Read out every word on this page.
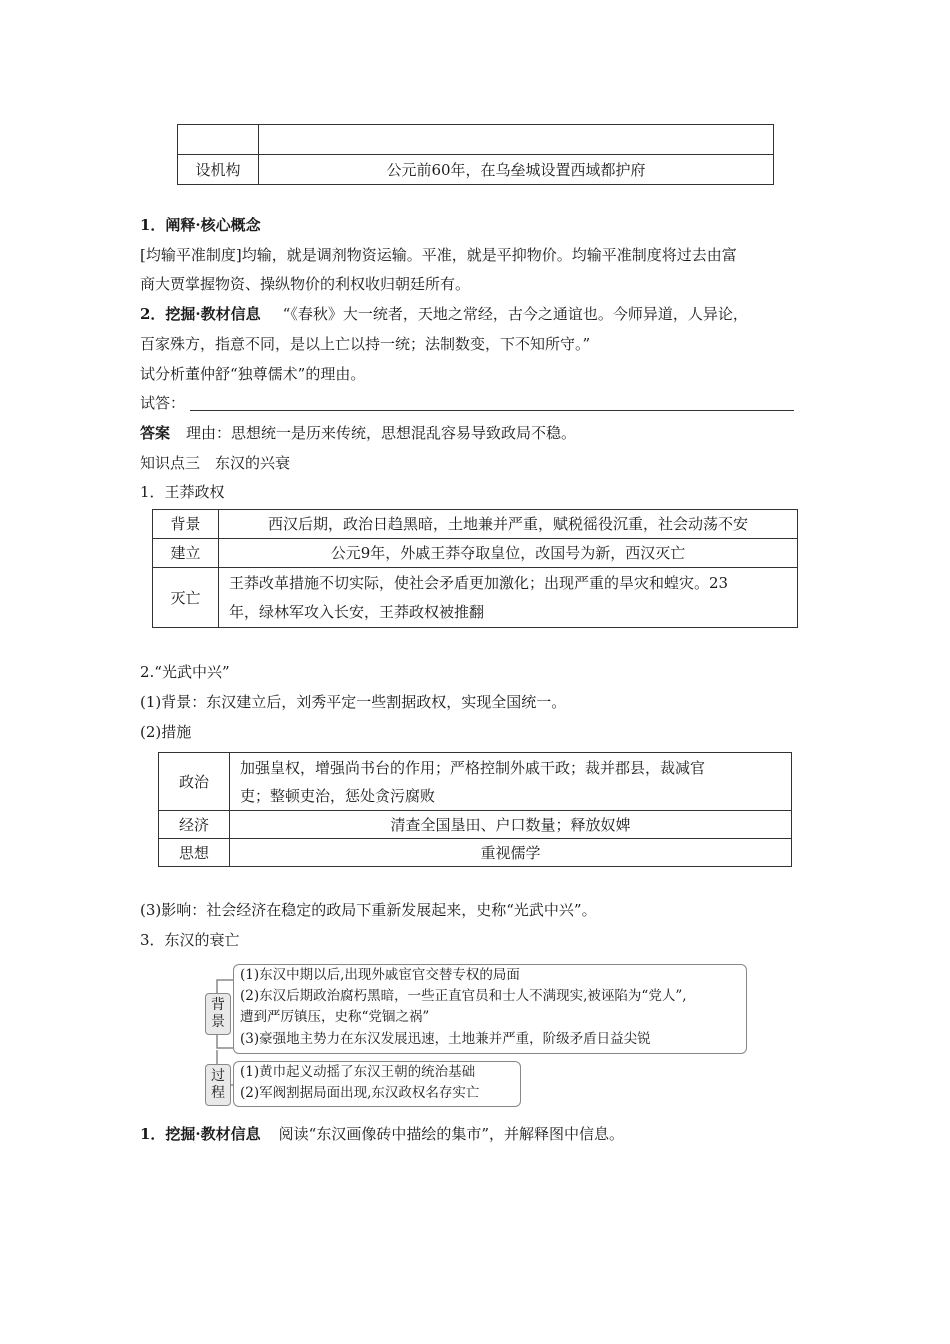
设机构	公元前60年，在乌垒城设置西域都护府
1．阐释·核心概念
[均输平准制度]均输，就是调剂物资运输。平准，就是平抑物价。均输平准制度将过去由富
商大贾掌握物资、操纵物价的利权收归朝廷所有。
2．挖掘·教材信息 “《春秋》大一统者，天地之常经，古今之通谊也。今师异道，人异论，
百家殊方，指意不同，是以上亡以持一统；法制数变，下不知所守。”
试分析董仲舒“独尊儒术”的理由。
试答：
答案 理由：思想统一是历来传统，思想混乱容易导致政局不稳。
知识点三　东汉的兴衰
1．王莽政权
背景	西汉后期，政治日趋黑暗，土地兼并严重，赋税徭役沉重，社会动荡不安
建立	公元9年，外戚王莽夺取皇位，改国号为新，西汉灭亡
灭亡	王莽改革措施不切实际，使社会矛盾更加激化；出现严重的旱灾和蝗灾。23
年，绿林军攻入长安，王莽政权被推翻
2.“光武中兴”
(1)背景：东汉建立后，刘秀平定一些割据政权，实现全国统一。
(2)措施
政治	加强皇权，增强尚书台的作用；严格控制外戚干政；裁并郡县，裁减官
吏；整顿吏治，惩处贪污腐败

经济	清查全国垦田、户口数量；释放奴婢
思想	重视儒学
(3)影响：社会经济在稳定的政局下重新发展起来，史称“光武中兴”。
3．东汉的衰亡
背景
(1)东汉中期以后,出现外戚宦官交替专权的局面
(2)东汉后期政治腐朽黑暗，一些正直官员和士人不满现实,被诬陷为“党人”,
遭到严厉镇压，史称“党锢之祸”
(3)豪强地主势力在东汉发展迅速，土地兼并严重，阶级矛盾日益尖锐
过程
(1)黄巾起义动摇了东汉王朝的统治基础
(2)军阀割据局面出现,东汉政权名存实亡
1．挖掘·教材信息 阅读“东汉画像砖中描绘的集市”，并解释图中信息。
